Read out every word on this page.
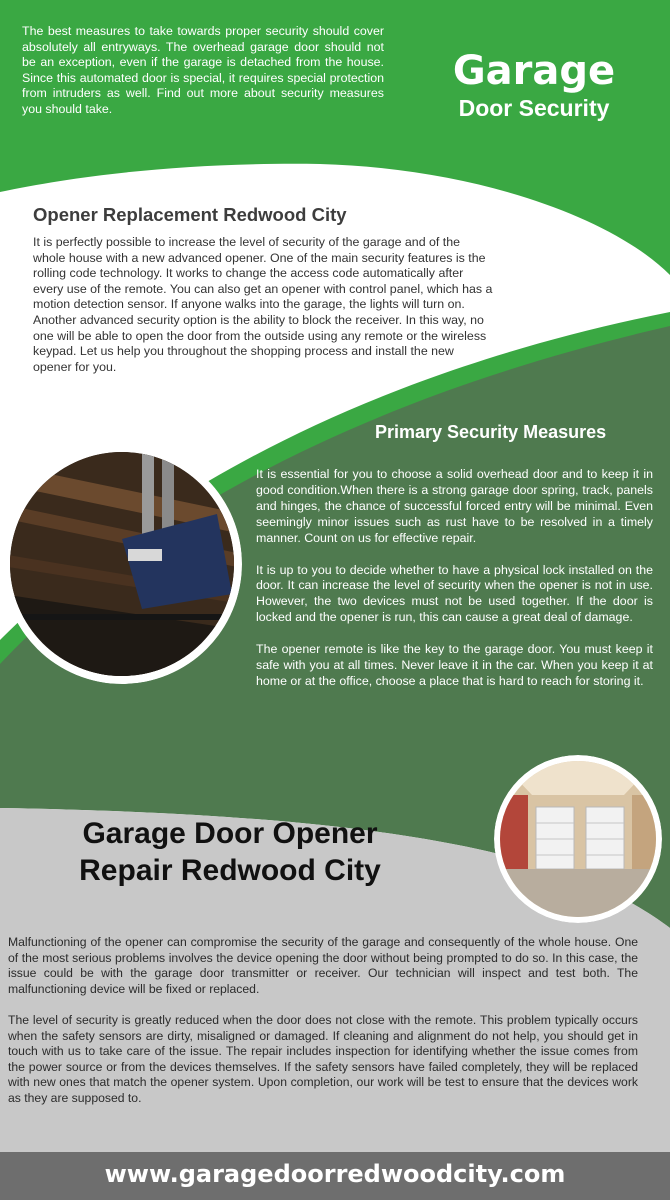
The best measures to take towards proper security should cover absolutely all entryways. The overhead garage door should not be an exception, even if the garage is detached from the house. Since this automated door is special, it requires special protection from intruders as well. Find out more about security measures you should take.

Garage
Door Security
Opener Replacement Redwood City

It is perfectly possible to increase the level of security of the garage and of the whole house with a new advanced opener. One of the main security features is the rolling code technology. It works to change the access code automatically after every use of the remote. You can also get an opener with control panel, which has a motion detection sensor. If anyone walks into the garage, the lights will turn on. Another advanced security option is the ability to block the receiver. In this way, no one will be able to open the door from the outside using any remote or the wireless keypad. Let us help you throughout the shopping process and install the new opener for you.

Primary Security Measures

It is essential for you to choose a solid overhead door and to keep it in good condition.When there is a strong garage door spring, track, panels and hinges, the chance of successful forced entry will be minimal. Even seemingly minor issues such as rust have to be resolved in a timely manner. Count on us for effective repair.

It is up to you to decide whether to have a physical lock installed on the door. It can increase the level of security when the opener is not in use. However, the two devices must not be used together. If the door is locked and the opener is run, this can cause a great deal of damage.

The opener remote is like the key to the garage door. You must keep it safe with you at all times. Never leave it in the car. When you keep it at home or at the office, choose a place that is hard to reach for storing it.

Garage Door Opener
Repair Redwood City

Malfunctioning of the opener can compromise the security of the garage and consequently of the whole house. One of the most serious problems involves the device opening the door without being prompted to do so. In this case, the issue could be with the garage door transmitter or receiver. Our technician will inspect and test both. The malfunctioning device will be fixed or replaced.

The level of security is greatly reduced when the door does not close with the remote. This problem typically occurs when the safety sensors are dirty, misaligned or damaged. If cleaning and alignment do not help, you should get in touch with us to take care of the issue. The repair includes inspection for identifying whether the issue comes from the power source or from the devices themselves. If the safety sensors have failed completely, they will be replaced with new ones that match the opener system. Upon completion, our work will be test to ensure that the devices work as they are supposed to.

www.garagedoorredwoodcity.com
